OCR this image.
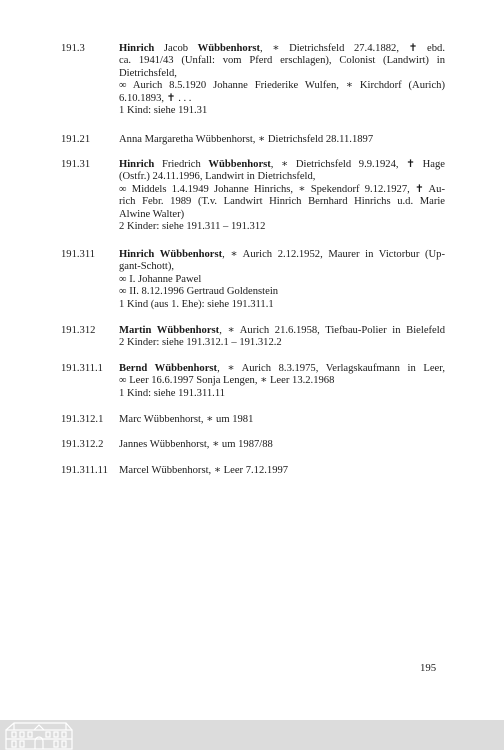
191.3	Hinrich Jacob Wübbenhorst, ∗ Dietrichsfeld 27.4.1882, ✝ ebd.
ca. 1941/43 (Unfall: vom Pferd erschlagen), Colonist (Landwirt) in
Dietrichsfeld,
∞ Aurich 8.5.1920 Johanne Friederike Wulfen, ∗ Kirchdorf (Aurich)
6.10.1893, ✝ . . .
1 Kind: siehe 191.31
191.21	Anna Margaretha Wübbenhorst, ∗ Dietrichsfeld 28.11.1897
191.31	Hinrich Friedrich Wübbenhorst, ∗ Dietrichsfeld 9.9.1924, ✝ Hage
(Ostfr.) 24.11.1996, Landwirt in Dietrichsfeld,
∞ Middels 1.4.1949 Johanne Hinrichs, ∗ Spekendorf 9.12.1927, ✝ Au-
rich Febr. 1989 (T.v. Landwirt Hinrich Bernhard Hinrichs u.d. Marie
Alwine Walter)
2 Kinder: siehe 191.311 – 191.312
191.311 Hinrich Wübbenhorst, ∗ Aurich 2.12.1952, Maurer in Victorbur (Up-
gant-Schott),
∞ I. Johanne Pawel
∞ II. 8.12.1996 Gertraud Goldenstein
1 Kind (aus 1. Ehe): siehe 191.311.1
191.312 Martin Wübbenhorst, ∗ Aurich 21.6.1958, Tiefbau-Polier in Bielefeld
2 Kinder: siehe 191.312.1 – 191.312.2
191.311.1 Bernd Wübbenhorst, ∗ Aurich 8.3.1975, Verlagskaufmann in Leer,
∞ Leer 16.6.1997 Sonja Lengen, ∗ Leer 13.2.1968
1 Kind: siehe 191.311.11
191.312.1 Marc Wübbenhorst, ∗ um 1981
191.312.2 Jannes Wübbenhorst, ∗ um 1987/88
191.311.11 Marcel Wübbenhorst, ∗ Leer 7.12.1997
195
